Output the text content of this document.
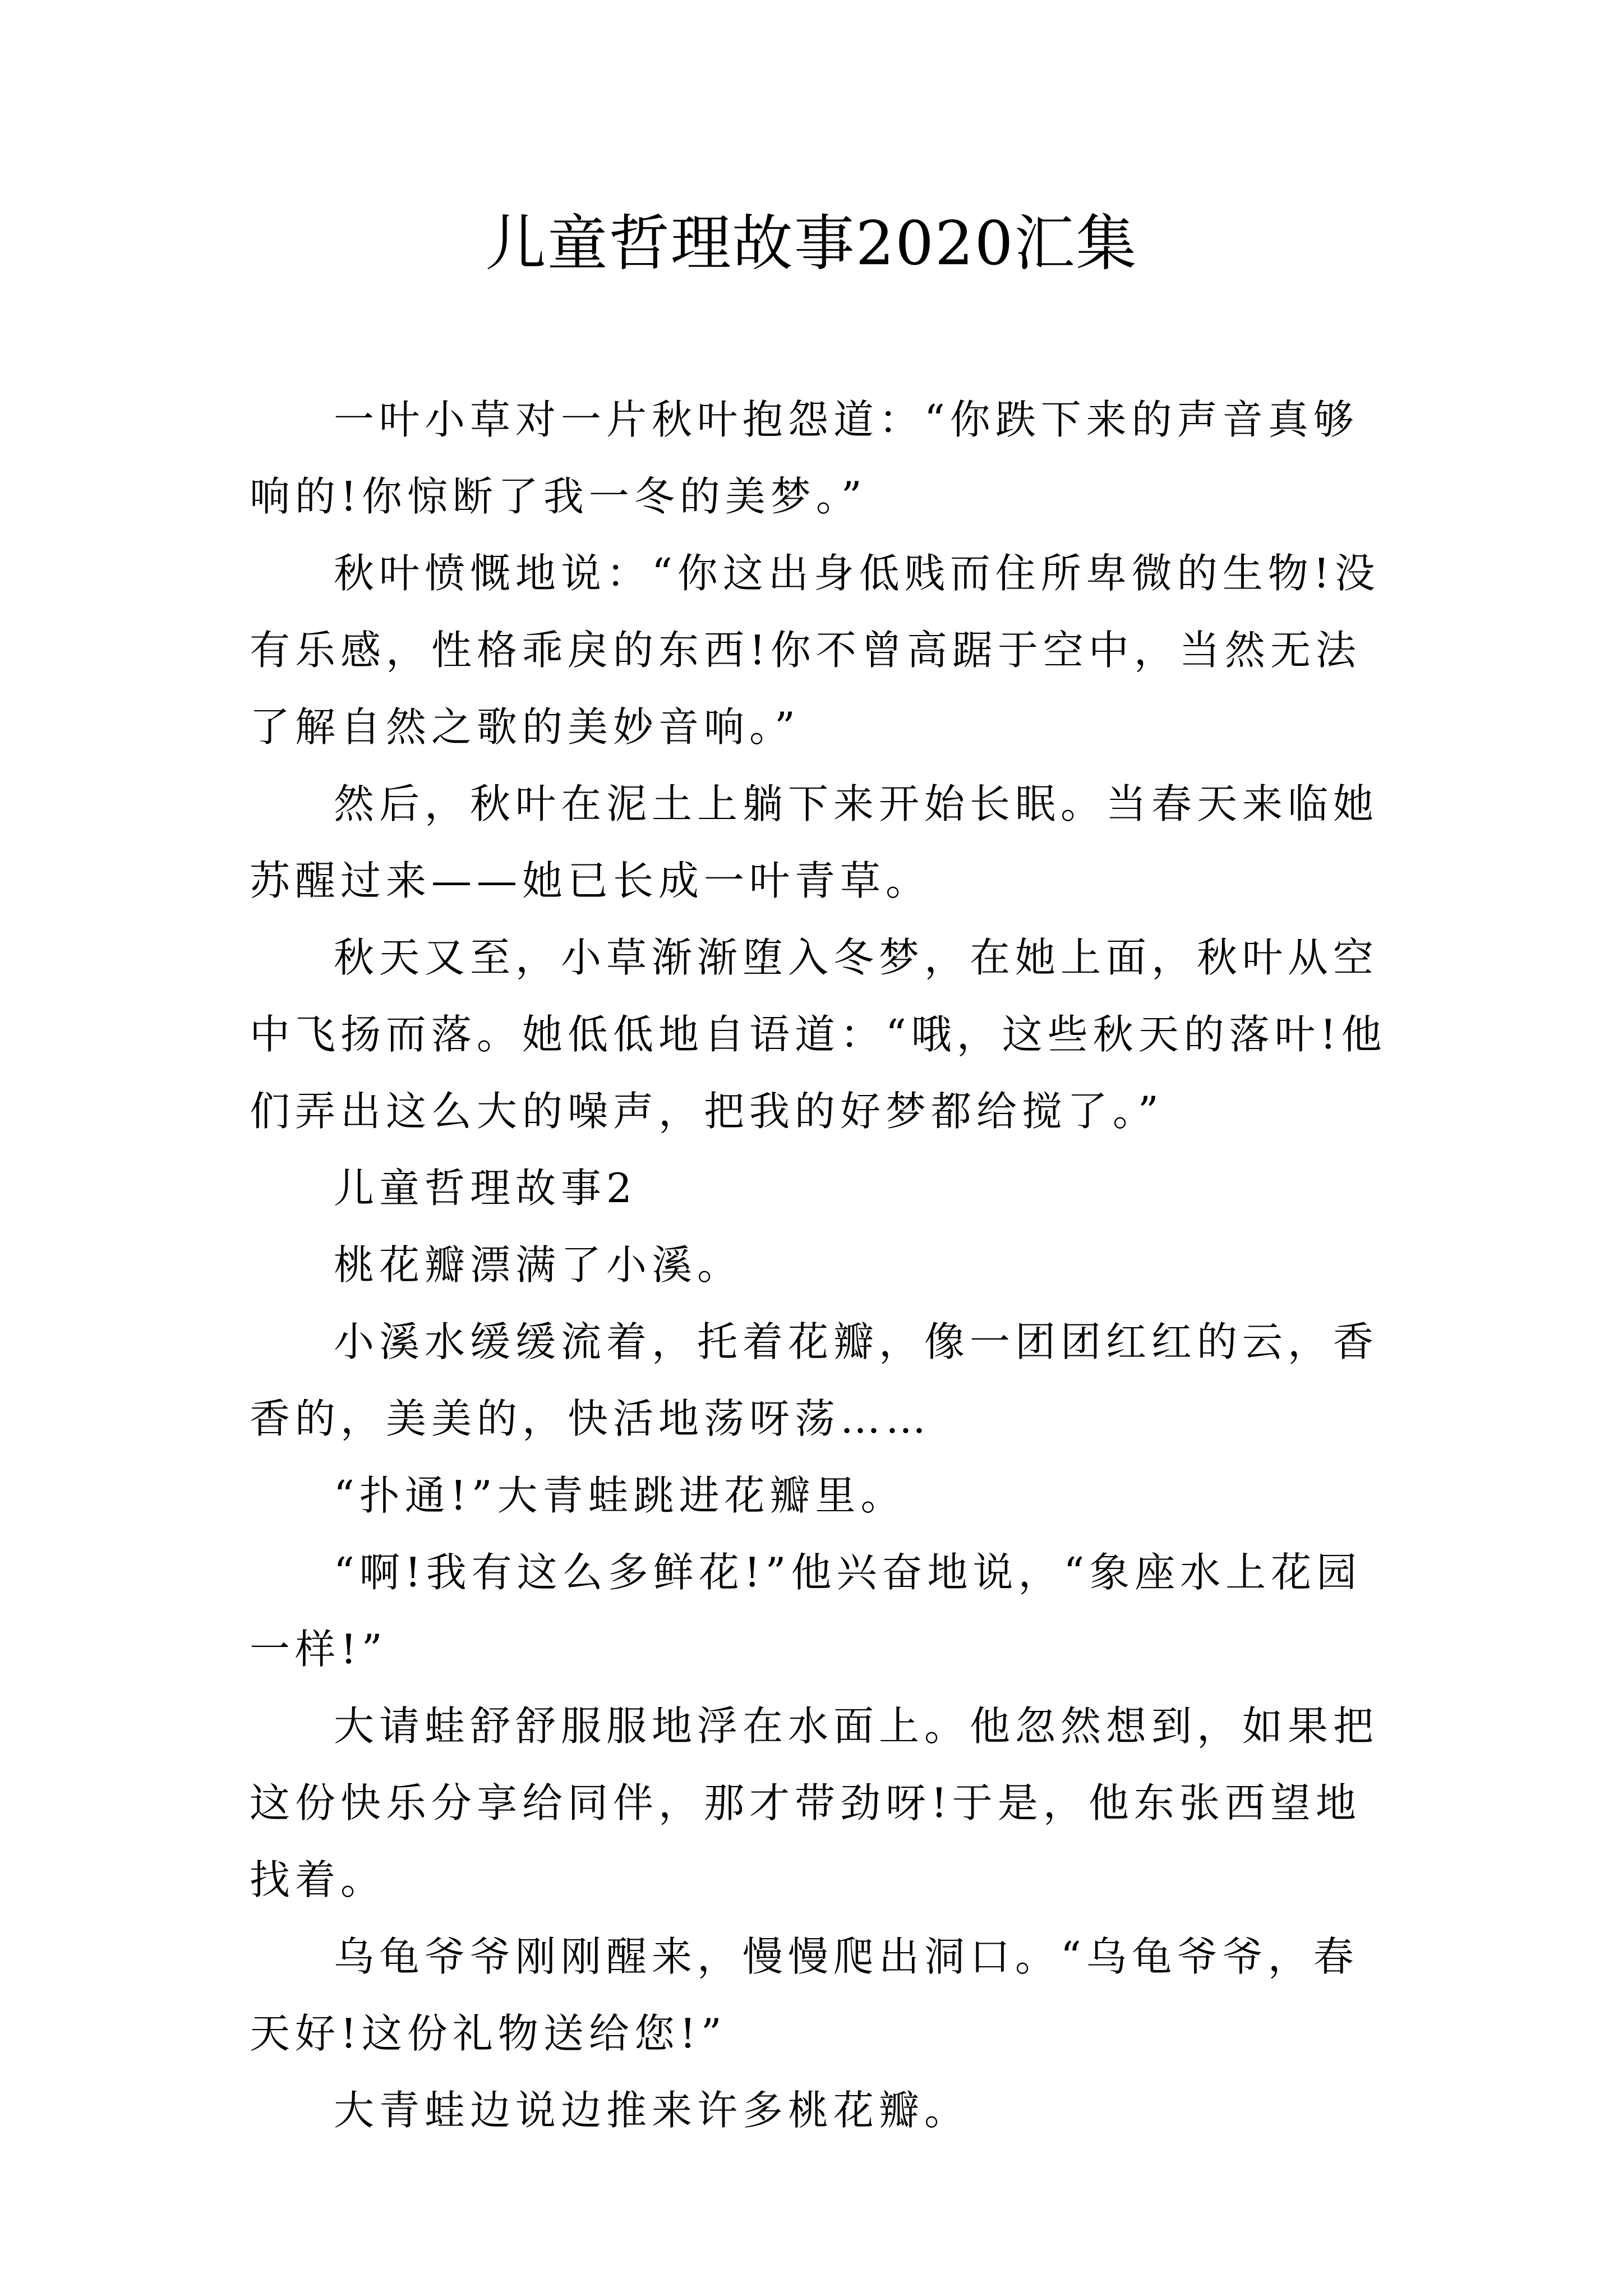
儿童哲理故事2020汇集

一叶小草对一片秋叶抱怨道：“你跌下来的声音真够响的!你惊断了我一冬的美梦。”

秋叶愤慨地说：“你这出身低贱而住所卑微的生物!没有乐感，性格乖戾的东西!你不曾高踞于空中，当然无法了解自然之歌的美妙音响。”

然后，秋叶在泥土上躺下来开始长眠。当春天来临她苏醒过来——她已长成一叶青草。

秋天又至，小草渐渐堕入冬梦，在她上面，秋叶从空中飞扬而落。她低低地自语道：“哦，这些秋天的落叶!他们弄出这么大的噪声，把我的好梦都给搅了。”

儿童哲理故事2

桃花瓣漂满了小溪。

小溪水缓缓流着，托着花瓣，像一团团红红的云，香香的，美美的，快活地荡呀荡……

“扑通!”大青蛙跳进花瓣里。

“啊!我有这么多鲜花!”他兴奋地说，“象座水上花园一样!”

大请蛙舒舒服服地浮在水面上。他忽然想到，如果把这份快乐分享给同伴，那才带劲呀!于是，他东张西望地找着。

乌龟爷爷刚刚醒来，慢慢爬出洞口。“乌龟爷爷，春天好!这份礼物送给您!”

大青蛙边说边推来许多桃花瓣。
